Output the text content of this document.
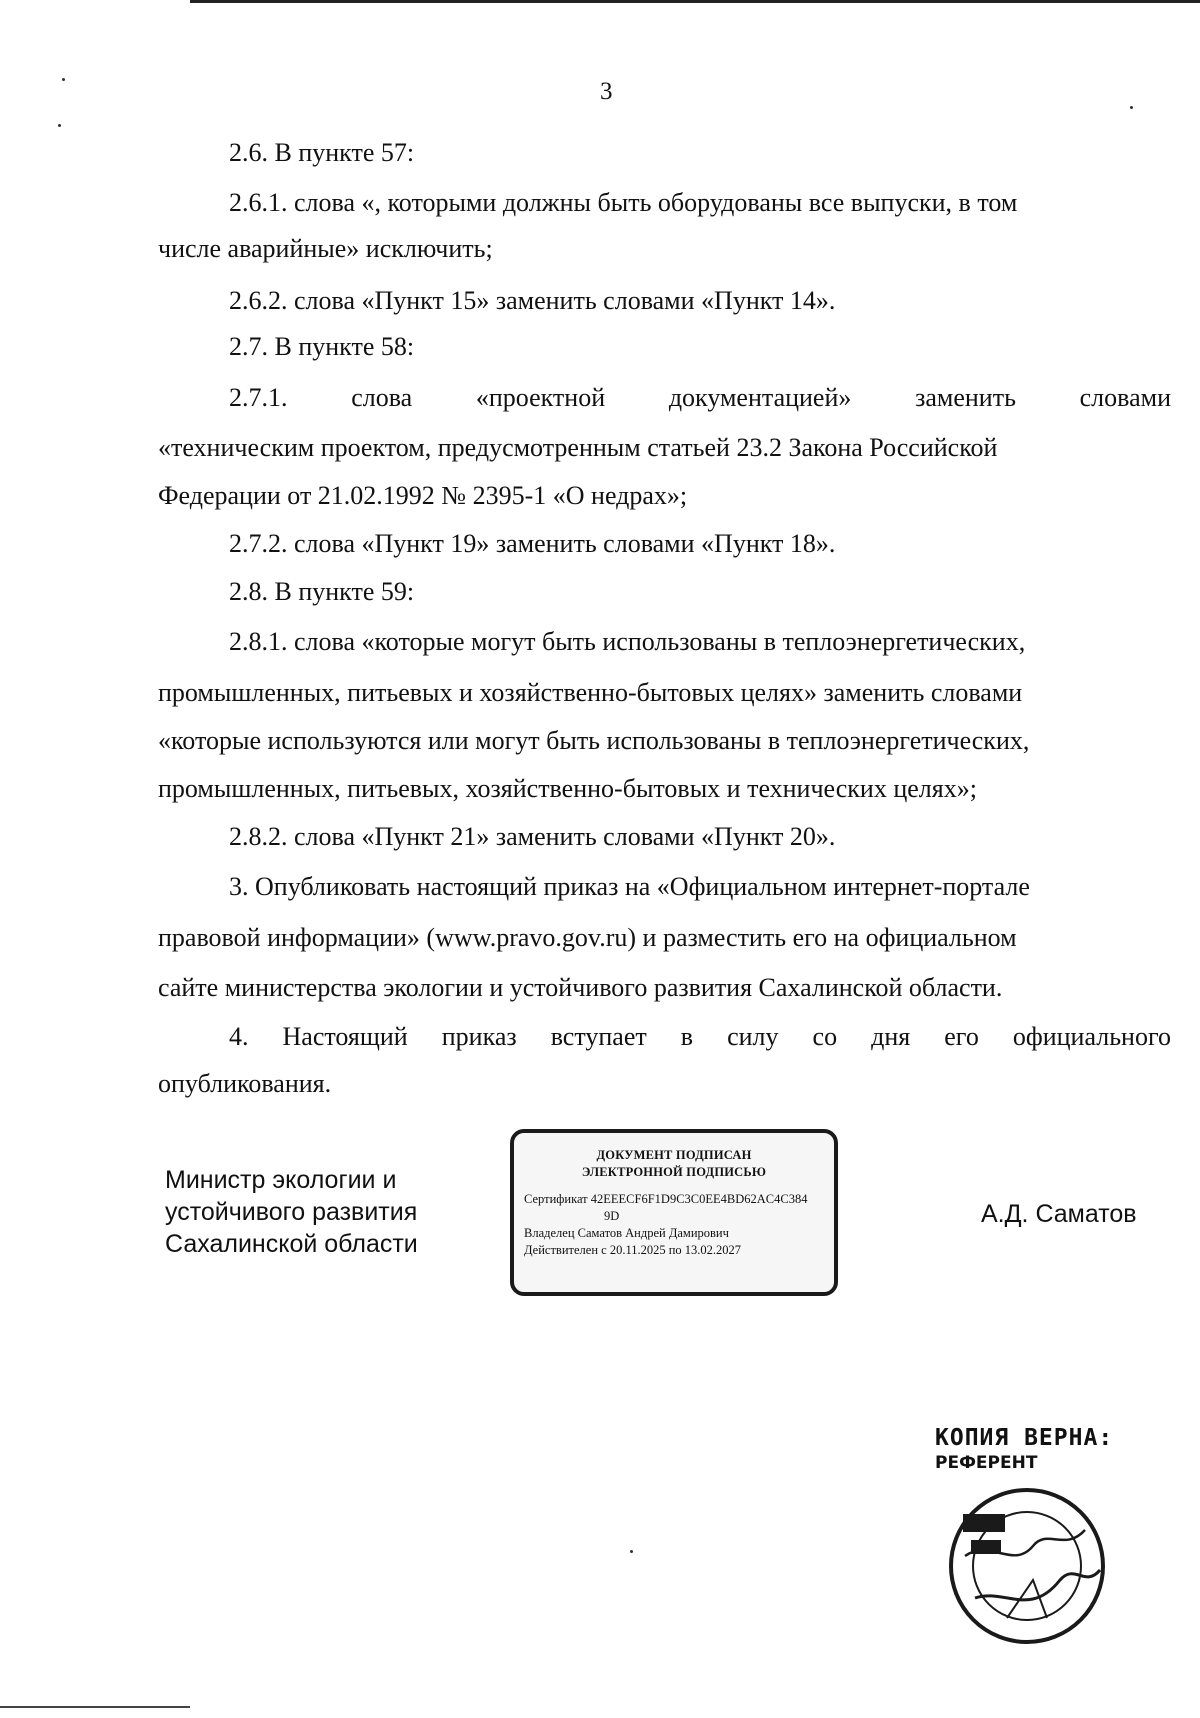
3
2.6. В пункте 57:
2.6.1. слова «, которыми должны быть оборудованы все выпуски, в том
числе аварийные» исключить;
2.6.2. слова «Пункт 15» заменить словами «Пункт 14».
2.7. В пункте 58:
2.7.1. слова «проектной документацией» заменить словами
«техническим проектом, предусмотренным статьей 23.2 Закона Российской
Федерации от 21.02.1992 № 2395-1 «О недрах»;
2.7.2. слова «Пункт 19» заменить словами «Пункт 18».
2.8. В пункте 59:
2.8.1. слова «которые могут быть использованы в теплоэнергетических,
промышленных, питьевых и хозяйственно-бытовых целях» заменить словами
«которые используются или могут быть использованы в теплоэнергетических,
промышленных, питьевых, хозяйственно-бытовых и технических целях»;
2.8.2. слова «Пункт 21» заменить словами «Пункт 20».
3. Опубликовать настоящий приказ на «Официальном интернет-портале
правовой информации» (www.pravo.gov.ru) и разместить его на официальном
сайте министерства экологии и устойчивого развития Сахалинской области.
4. Настоящий приказ вступает в силу со дня его официального
опубликования.
Министр экологии и
устойчивого развития
Сахалинской области
ДОКУМЕНТ ПОДПИСАН
ЭЛЕКТРОННОЙ ПОДПИСЬЮ
Сертификат 42EEECF6F1D9C3C0EE4BD62AC4C384
9D
Владелец Саматов Андрей Дамирович
Действителен с 20.11.2025 по 13.02.2027
А.Д. Саматов
КОПИЯ ВЕРНА:
РЕФЕРЕНТ
